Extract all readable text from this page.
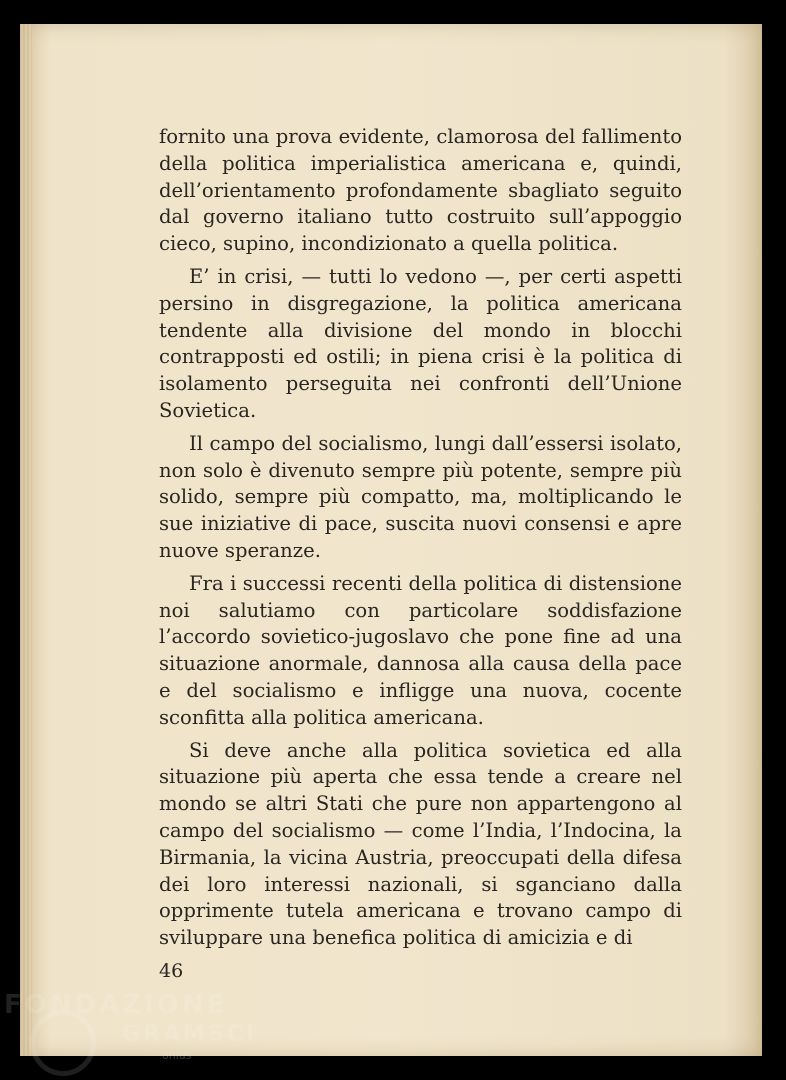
fornito una prova evidente, clamorosa del fallimento della politica imperialistica americana e, quindi, dell’orientamento profondamente sbagliato seguito dal governo italiano tutto costruito sull’appoggio cieco, supino, incondizionato a quella politica.

E’ in crisi, — tutti lo vedono —, per certi aspetti persino in disgregazione, la politica americana tendente alla divisione del mondo in blocchi contrapposti ed ostili; in piena crisi è la politica di isolamento perseguita nei confronti dell’Unione Sovietica.

Il campo del socialismo, lungi dall’essersi isolato, non solo è divenuto sempre più potente, sempre più solido, sempre più compatto, ma, moltiplicando le sue iniziative di pace, suscita nuovi consensi e apre nuove speranze.

Fra i successi recenti della politica di distensione noi salutiamo con particolare soddisfazione l’accordo sovietico-jugoslavo che pone fine ad una situazione anormale, dannosa alla causa della pace e del socialismo e infligge una nuova, cocente sconfitta alla politica americana.

Si deve anche alla politica sovietica ed alla situazione più aperta che essa tende a creare nel mondo se altri Stati che pure non appartengono al campo del socialismo — come l’India, l’Indocina, la Birmania, la vicina Austria, preoccupati della difesa dei loro interessi nazionali, si sganciano dalla opprimente tutela americana e trovano campo di sviluppare una benefica politica di amicizia e di

46
FONDAZIONE
GRAMSCI
onlus
